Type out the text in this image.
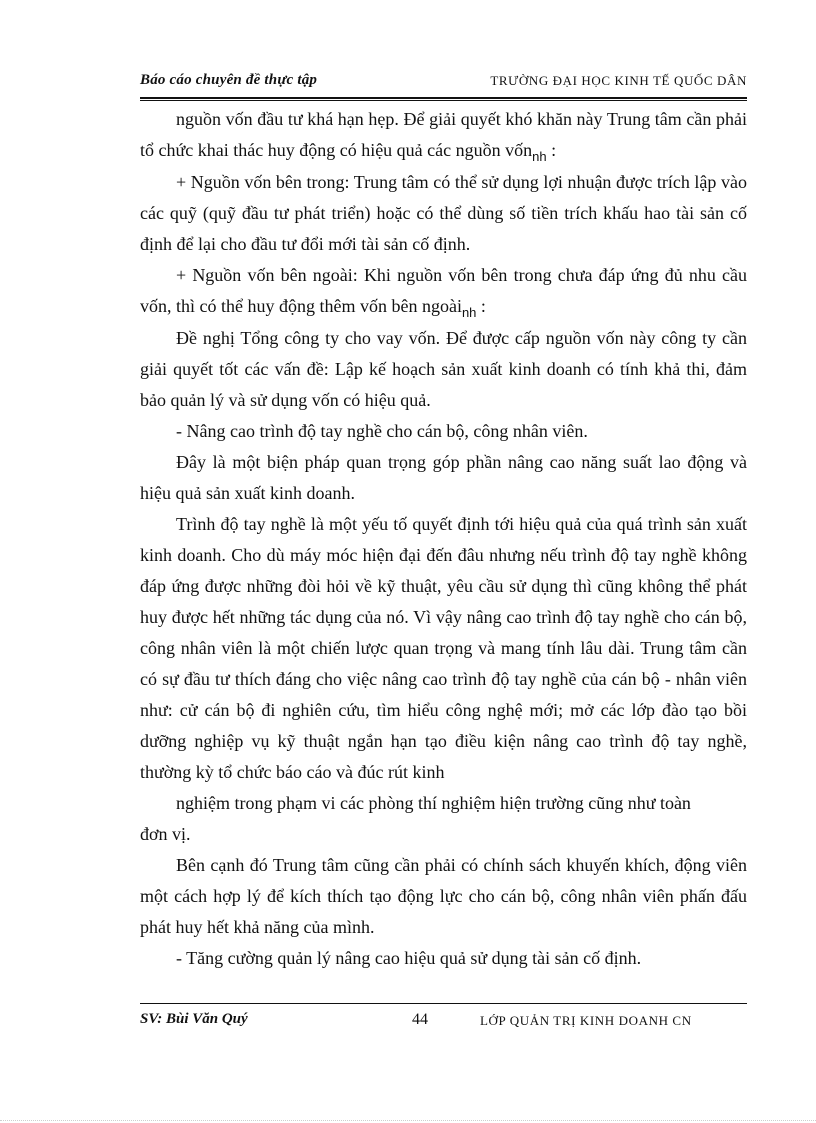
Báo cáo chuyên đề thực tập	TRƯỜNG ĐẠI HỌC KINH TẾ QUỐC DÂN

nguồn vốn đầu tư khá hạn hẹp. Để giải quyết khó khăn này Trung tâm cần phải tổ chức khai thác huy động có hiệu quả các nguồn vốn$_{nh}$ :

+ Nguồn vốn bên trong: Trung tâm có thể sử dụng lợi nhuận được trích lập vào các quỹ (quỹ đầu tư phát triển) hoặc có thể dùng số tiền trích khấu hao tài sản cố định để lại cho đầu tư đổi mới tài sản cố định.

+ Nguồn vốn bên ngoài: Khi nguồn vốn bên trong chưa đáp ứng đủ nhu cầu vốn, thì có thể huy động thêm vốn bên ngoài$_{nh}$ :

Đề nghị Tổng công ty cho vay vốn. Để được cấp nguồn vốn này công ty cần giải quyết tốt các vấn đề: Lập kế hoạch sản xuất kinh doanh có tính khả thi, đảm bảo quản lý và sử dụng vốn có hiệu quả.

- Nâng cao trình độ tay nghề cho cán bộ, công nhân viên.

Đây là một biện pháp quan trọng góp phần nâng cao năng suất lao động và hiệu quả sản xuất kinh doanh.

Trình độ tay nghề là một yếu tố quyết định tới hiệu quả của quá trình sản xuất kinh doanh. Cho dù máy móc hiện đại đến đâu nhưng nếu trình độ tay nghề không đáp ứng được những đòi hỏi về kỹ thuật, yêu cầu sử dụng thì cũng không thể phát huy được hết những tác dụng của nó. Vì vậy nâng cao trình độ tay nghề cho cán bộ, công nhân viên là một chiến lược quan trọng và mang tính lâu dài. Trung tâm cần có sự đầu tư thích đáng cho việc nâng cao trình độ tay nghề của cán bộ - nhân viên như: cử cán bộ đi nghiên cứu, tìm hiểu công nghệ mới; mở các lớp đào tạo bồi dưỡng nghiệp vụ kỹ thuật ngắn hạn tạo điều kiện nâng cao trình độ tay nghề, thường kỳ tổ chức báo cáo và đúc rút kinh

nghiệm trong phạm vi các phòng thí nghiệm hiện trường cũng như toàn

đơn vị.

Bên cạnh đó Trung tâm cũng cần phải có chính sách khuyến khích, động viên một cách hợp lý để kích thích tạo động lực cho cán bộ, công nhân viên phấn đấu phát huy hết khả năng của mình.

- Tăng cường quản lý nâng cao hiệu quả sử dụng tài sản cố định.

SV: Bùi Văn Quý	44	LỚP QUẢN TRỊ KINH DOANH CN
